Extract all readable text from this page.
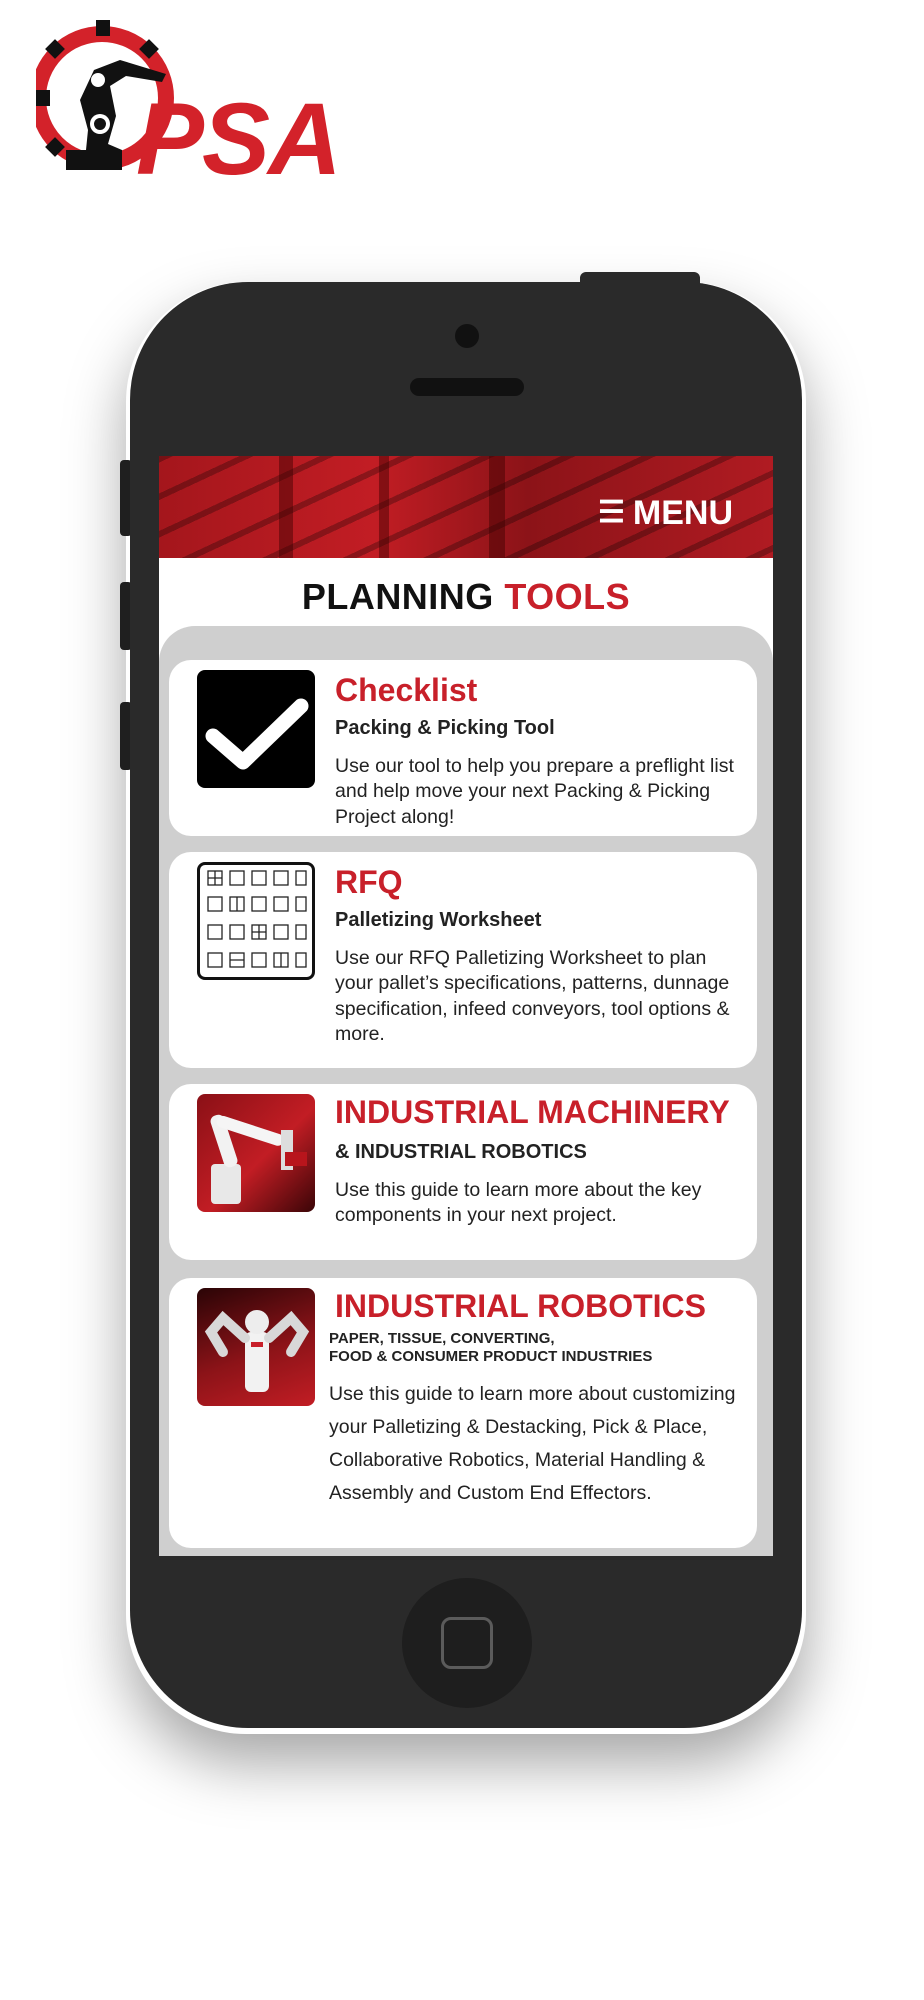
PSA
☰ MENU
PLANNING TOOLS
Checklist
Packing & Picking Tool
Use our tool to help you prepare a preflight list and help move your next Packing & Picking Project along!
RFQ
Palletizing Worksheet
Use our RFQ Palletizing Worksheet to plan your pallet’s specifications, patterns, dunnage specification, infeed conveyors, tool options & more.
INDUSTRIAL MACHINERY
& INDUSTRIAL ROBOTICS
Use this guide to learn more about the key components in your next project.
INDUSTRIAL ROBOTICS
PAPER, TISSUE, CONVERTING,
FOOD & CONSUMER PRODUCT INDUSTRIES
Use this guide to learn more about customizing your Palletizing & Destacking, Pick & Place, Collaborative Robotics, Material Handling & Assembly and Custom End Effectors.
